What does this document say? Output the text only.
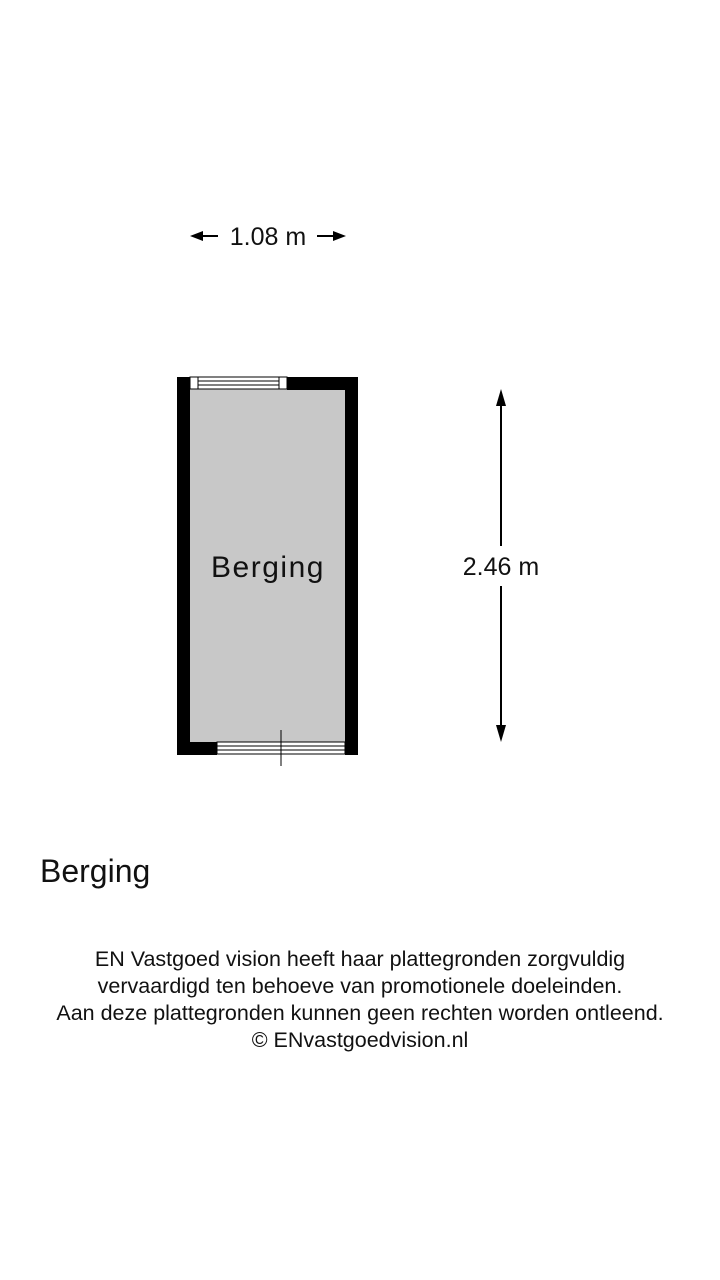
Berging
1.08 m
2.46 m
Berging
EN Vastgoed vision heeft haar plattegronden zorgvuldig
vervaardigd ten behoeve van promotionele doeleinden.
Aan deze plattegronden kunnen geen rechten worden ontleend.
© ENvastgoedvision.nl
